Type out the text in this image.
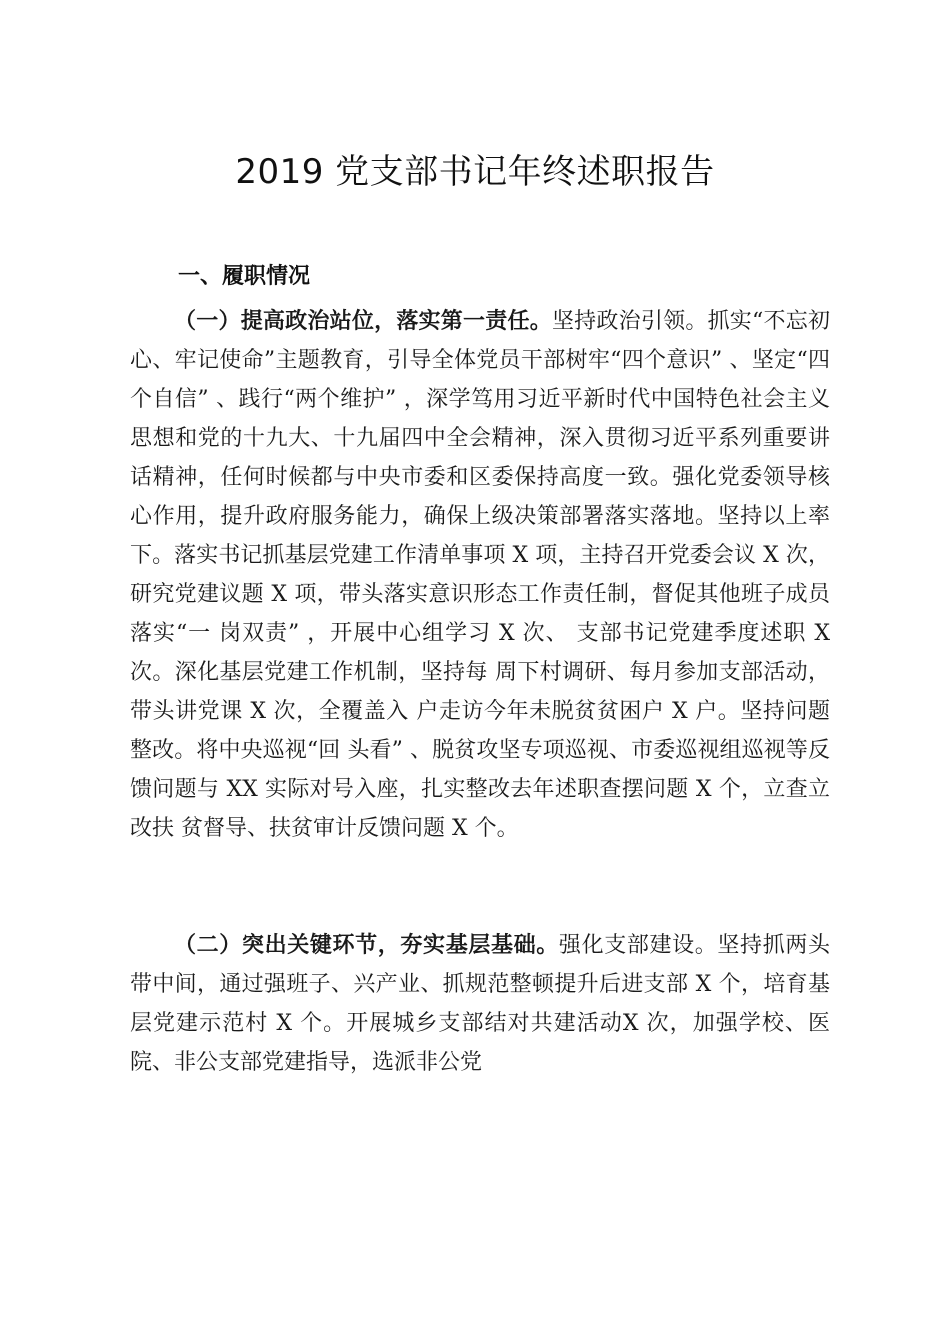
2019 党支部书记年终述职报告
一、履职情况

（一）提高政治站位，落实第一责任。坚持政治引领。抓实“不忘初心、牢记使命”主题教育，引导全体党员干部树牢“四个意识” 、坚定“四个自信” 、践行“两个维护” ，深学笃用习近平新时代中国特色社会主义思想和党的十九大、十九届四中全会精神，深入贯彻习近平系列重要讲话精神，任何时候都与中央市委和区委保持高度一致。强化党委领导核心作用，提升政府服务能力，确保上级决策部署落实落地。坚持以上率下。落实书记抓基层党建工作清单事项 X 项，主持召开党委会议 X 次，研究党建议题 X 项，带头落实意识形态工作责任制，督促其他班子成员落实“一 岗双责” ，开展中心组学习 X 次、 支部书记党建季度述职 X 次。深化基层党建工作机制，坚持每 周下村调研、每月参加支部活动，带头讲党课 X 次，全覆盖入 户走访今年未脱贫贫困户 X 户。坚持问题整改。将中央巡视“回 头看” 、脱贫攻坚专项巡视、市委巡视组巡视等反馈问题与 XX 实际对号入座，扎实整改去年述职查摆问题 X 个，立查立改扶 贫督导、扶贫审计反馈问题 X 个。

（二）突出关键环节，夯实基层基础。强化支部建设。坚持抓两头带中间，通过强班子、兴产业、抓规范整顿提升后进支部 X 个，培育基层党建示范村 X 个。开展城乡支部结对共建活动X 次，加强学校、医院、非公支部党建指导，选派非公党
